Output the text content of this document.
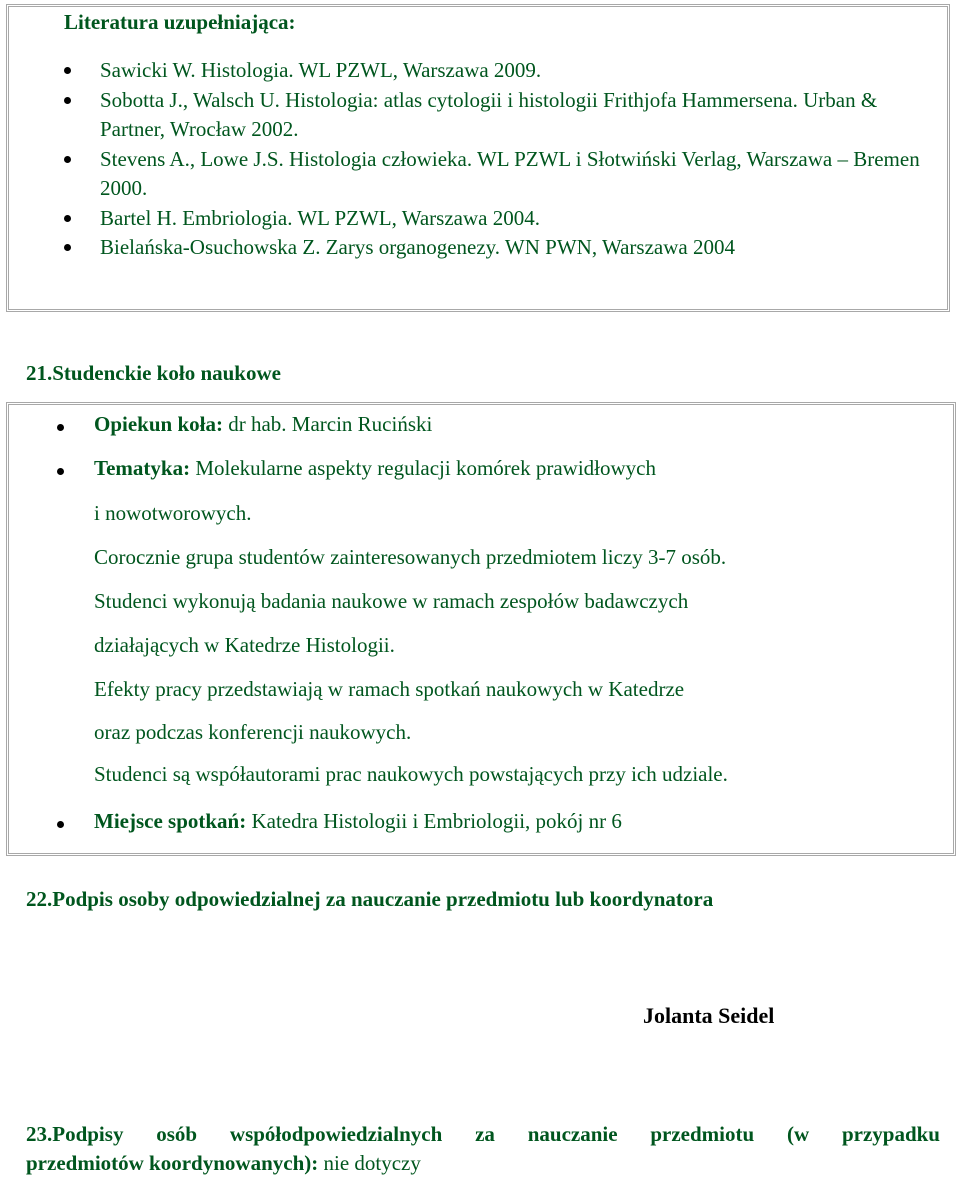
Literatura uzupełniająca:
Sawicki W. Histologia. WL PZWL, Warszawa 2009.
Sobotta J., Walsch U. Histologia: atlas cytologii i histologii Frithjofa Hammersena. Urban & Partner, Wrocław 2002.
Stevens A., Lowe J.S. Histologia człowieka. WL PZWL i Słotwiński Verlag, Warszawa – Bremen 2000.
Bartel H. Embriologia. WL PZWL, Warszawa 2004.
Bielańska-Osuchowska Z. Zarys organogenezy. WN PWN, Warszawa 2004
21.Studenckie koło naukowe
Opiekun koła: dr hab. Marcin Ruciński
Tematyka: Molekularne aspekty regulacji komórek prawidłowych
i nowotworowych.
Corocznie grupa studentów zainteresowanych przedmiotem liczy 3-7 osób.
Studenci wykonują badania naukowe w ramach zespołów badawczych
działających w Katedrze Histologii.
Efekty pracy przedstawiają w ramach spotkań naukowych w Katedrze
oraz podczas konferencji naukowych.
Studenci są współautorami prac naukowych powstających przy ich udziale.
Miejsce spotkań: Katedra Histologii i Embriologii, pokój nr 6
22.Podpis osoby odpowiedzialnej za nauczanie przedmiotu lub koordynatora
Jolanta Seidel
23.Podpisy osób współodpowiedzialnych za nauczanie przedmiotu (w przypadku
przedmiotów koordynowanych): nie dotyczy
